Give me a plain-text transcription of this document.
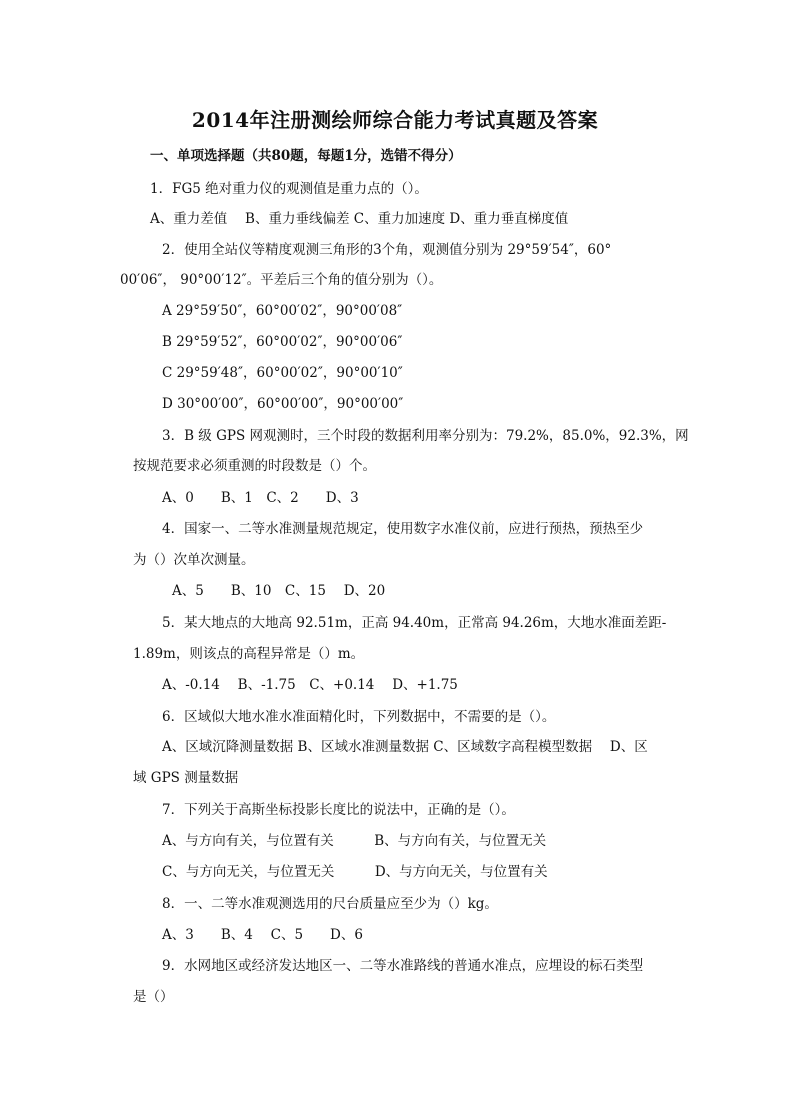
2014年注册测绘师综合能力考试真题及答案
一、单项选择题（共80题，每题1分，选错不得分）
1．FG5 绝对重力仪的观测值是重力点的（）。
A、重力差值　 B、重力垂线偏差 C、重力加速度 D、重力垂直梯度值
2．使用全站仪等精度观测三角形的3个角，观测值分别为 29°59′54″，60°
00′06″， 90°00′12″。平差后三个角的值分别为（）。
A 29°59′50″，60°00′02″，90°00′08″
B 29°59′52″，60°00′02″，90°00′06″
C 29°59′48″，60°00′02″，90°00′10″
D 30°00′00″，60°00′00″，90°00′00″
3．B 级 GPS 网观测时，三个时段的数据利用率分别为：79.2%，85.0%，92.3%，网
按规范要求必须重测的时段数是（）个。
A、0　　B、1　C、2　　D、3
4．国家一、二等水准测量规范规定，使用数字水准仪前，应进行预热，预热至少
为（）次单次测量。
A、5　　B、10　C、15　 D、20
5．某大地点的大地高 92.51m，正高 94.40m，正常高 94.26m，大地水准面差距-
1.89m，则该点的高程异常是（）m。
A、-0.14　 B、-1.75　C、+0.14　 D、+1.75
6．区域似大地水准水准面精化时，下列数据中，不需要的是（）。
A、区域沉降测量数据 B、区域水准测量数据 C、区域数字高程模型数据　 D、区
域 GPS 测量数据
7．下列关于高斯坐标投影长度比的说法中，正确的是（）。
A、与方向有关，与位置有关　　　B、与方向有关，与位置无关
C、与方向无关，与位置无关　　　D、与方向无关，与位置有关
8．一、二等水准观测选用的尺台质量应至少为（）kg。
A、3　　B、4　 C、5　　D、6
9．水网地区或经济发达地区一、二等水准路线的普通水准点，应埋设的标石类型
是（）
